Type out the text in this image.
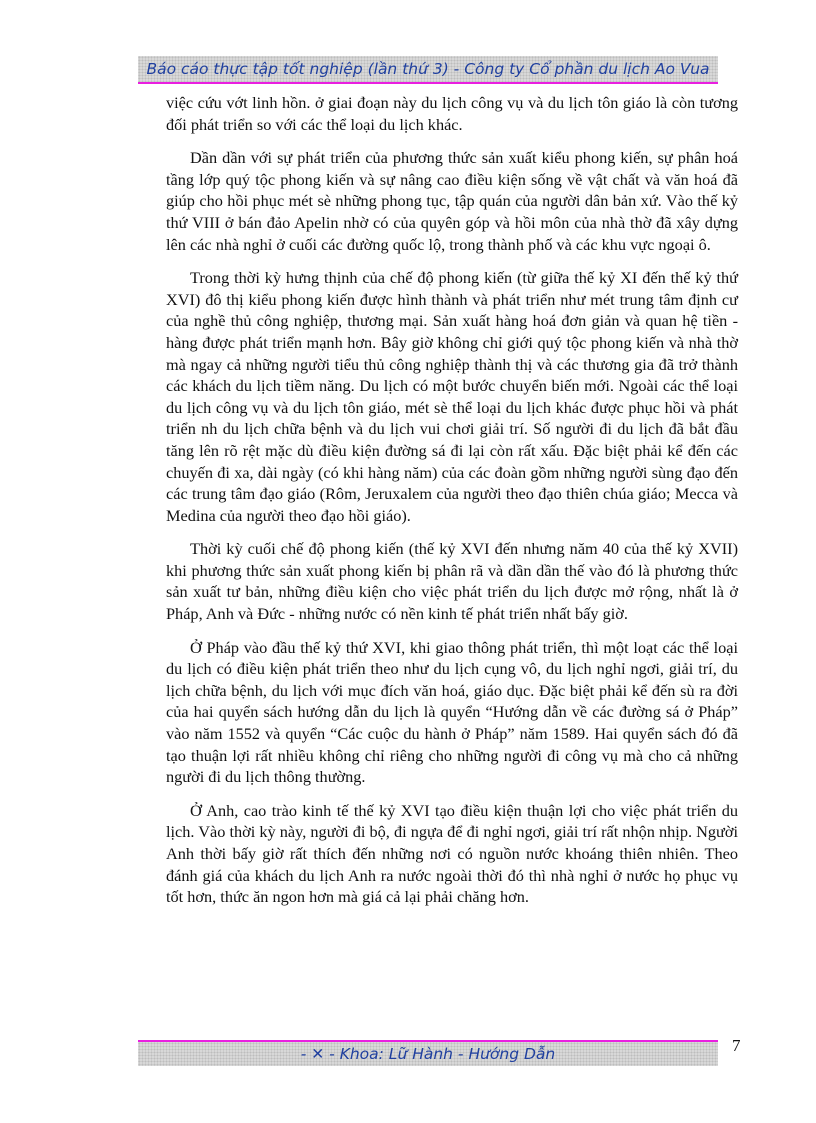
Báo cáo thực tập tốt nghiệp (lần thứ 3) - Công ty Cổ phần du lịch Ao Vua

việc cứu vớt linh hồn. ở giai đoạn này du lịch công vụ và du lịch tôn giáo là còn tương đối phát triển so với các thể loại du lịch khác.

Dần dần với sự phát triển của phương thức sản xuất kiểu phong kiến, sự phân hoá tầng lớp quý tộc phong kiến và sự nâng cao điều kiện sống về vật chất và văn hoá đã giúp cho hồi phục mét sè những phong tục, tập quán của người dân bản xứ. Vào thế kỷ thứ VIII ở bán đảo Apelin nhờ có của quyên góp và hồi môn của nhà thờ đã xây dựng lên các nhà nghỉ ở cuối các đường quốc lộ, trong thành phố và các khu vực ngoại ô.

Trong thời kỳ hưng thịnh của chế độ phong kiến (từ giữa thế kỷ XI đến thế kỷ thứ XVI) đô thị kiểu phong kiến được hình thành và phát triển như mét trung tâm định cư của nghề thủ công nghiệp, thương mại. Sản xuất hàng hoá đơn giản và quan hệ tiền - hàng được phát triển mạnh hơn. Bây giờ không chỉ giới quý tộc phong kiến và nhà thờ mà ngay cả những người tiểu thủ công nghiệp thành thị và các thương gia đã trở thành các khách du lịch tiềm năng. Du lịch có một bước chuyển biến mới. Ngoài các thể loại du lịch công vụ và du lịch tôn giáo, mét sè thể loại du lịch khác được phục hồi và phát triển nh du lịch chữa bệnh và du lịch vui chơi giải trí. Số người đi du lịch đã bắt đầu tăng lên rõ rệt mặc dù điều kiện đường sá đi lại còn rất xấu. Đặc biệt phải kể đến các chuyến đi xa, dài ngày (có khi hàng năm) của các đoàn gồm những người sùng đạo đến các trung tâm đạo giáo (Rôm, Jeruxalem của người theo đạo thiên chúa giáo; Mecca và Medina của người theo đạo hồi giáo).

Thời kỳ cuối chế độ phong kiến (thế kỷ XVI đến nhưng năm 40 của thế kỷ XVII) khi phương thức sản xuất phong kiến bị phân rã và dần dần thế vào đó là phương thức sản xuất tư bản, những điều kiện cho việc phát triển du lịch được mở rộng, nhất là ở Pháp, Anh và Đức - những nước có nền kinh tế phát triển nhất bấy giờ.

Ở Pháp vào đầu thế kỷ thứ XVI, khi giao thông phát triển, thì một loạt các thể loại du lịch có điều kiện phát triển theo như du lịch cụng vô, du lịch nghỉ ngơi, giải trí, du lịch chữa bệnh, du lịch với mục đích văn hoá, giáo dục. Đặc biệt phải kể đến sù ra đời của hai quyển sách hướng dẫn du lịch là quyển “Hướng dẫn về các đường sá ở Pháp” vào năm 1552 và quyển “Các cuộc du hành ở Pháp” năm 1589. Hai quyển sách đó đã tạo thuận lợi rất nhiều không chỉ riêng cho những người đi công vụ mà cho cả những người đi du lịch thông thường.

Ở Anh, cao trào kinh tế thế kỷ XVI tạo điều kiện thuận lợi cho việc phát triển du lịch. Vào thời kỳ này, người đi bộ, đi ngựa để đi nghỉ ngơi, giải trí rất nhộn nhịp. Người Anh thời bấy giờ rất thích đến những nơi có nguồn nước khoáng thiên nhiên. Theo đánh giá của khách du lịch Anh ra nước ngoài thời đó thì nhà nghỉ ở nước họ phục vụ tốt hơn, thức ăn ngon hơn mà giá cả lại phải chăng hơn.

- ✕ - Khoa: Lữ Hành - Hướng Dẫn	7
